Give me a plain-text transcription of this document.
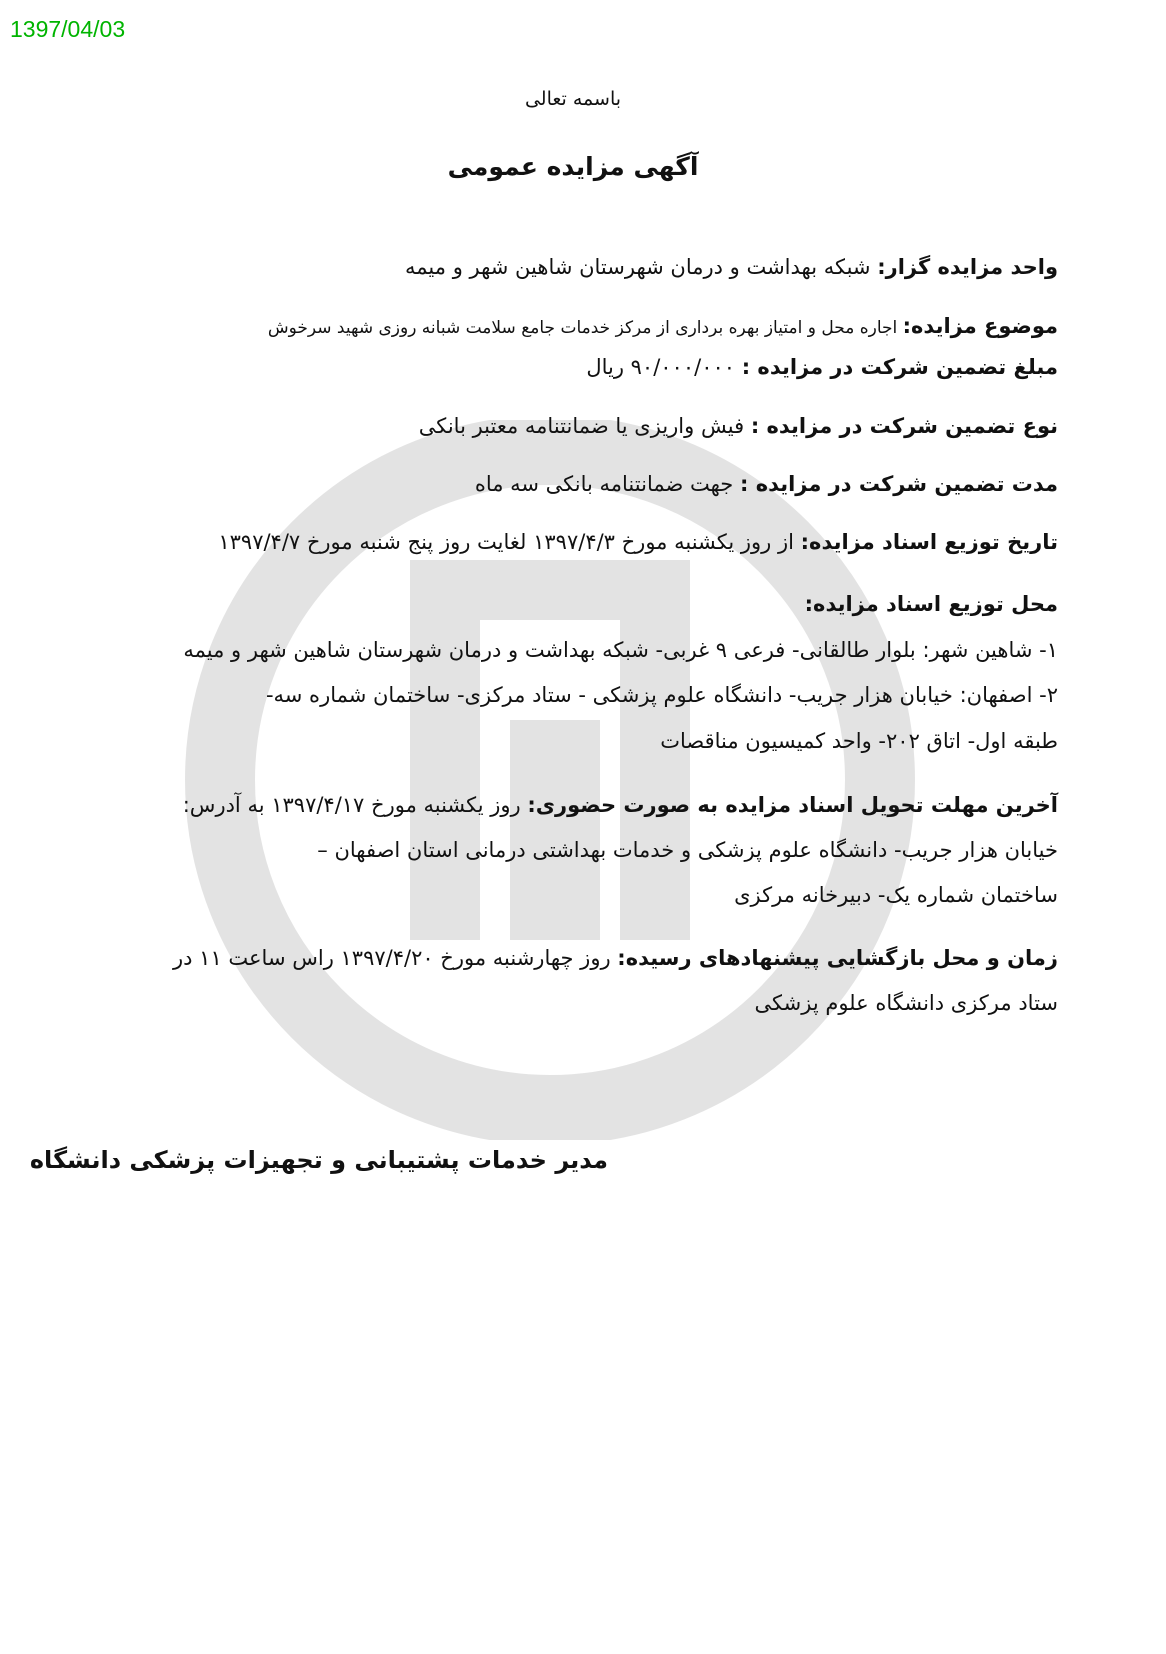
1397/04/03
باسمه تعالی
آگهی مزایده عمومی
واحد مزایده گزار: شبکه بهداشت و درمان شهرستان شاهین شهر و میمه
موضوع مزایده: اجاره محل و امتیاز بهره برداری از مرکز خدمات جامع سلامت شبانه روزی شهید سرخوش
مبلغ تضمین شرکت در مزایده : ۹۰/۰۰۰/۰۰۰ ریال
نوع تضمین شرکت در مزایده : فیش واریزی یا ضمانتنامه معتبر بانکی
مدت تضمین شرکت در مزایده : جهت ضمانتنامه بانکی سه ماه
تاریخ توزیع اسناد مزایده: از روز یکشنبه مورخ ۱۳۹۷/۴/۳ لغایت روز پنج شنبه مورخ ۱۳۹۷/۴/۷
محل توزیع اسناد مزایده:
۱- شاهین شهر: بلوار طالقانی- فرعی ۹ غربی- شبکه بهداشت و درمان شهرستان شاهین شهر و میمه
۲- اصفهان: خیابان هزار جریب- دانشگاه علوم پزشکی - ستاد مرکزی- ساختمان شماره سه-
طبقه اول- اتاق ۲۰۲- واحد کمیسیون مناقصات
آخرین مهلت تحویل اسناد مزایده به صورت حضوری: روز یکشنبه مورخ ۱۳۹۷/۴/۱۷ به آدرس:
خیابان هزار جریب- دانشگاه علوم پزشکی و خدمات بهداشتی درمانی استان اصفهان –
ساختمان شماره یک- دبیرخانه مرکزی
زمان و محل بازگشایی پیشنهادهای رسیده: روز چهارشنبه مورخ ۱۳۹۷/۴/۲۰ راس ساعت ۱۱ در
ستاد مرکزی دانشگاه علوم پزشکی
مدیر خدمات پشتیبانی و تجهیزات پزشکی دانشگاه
